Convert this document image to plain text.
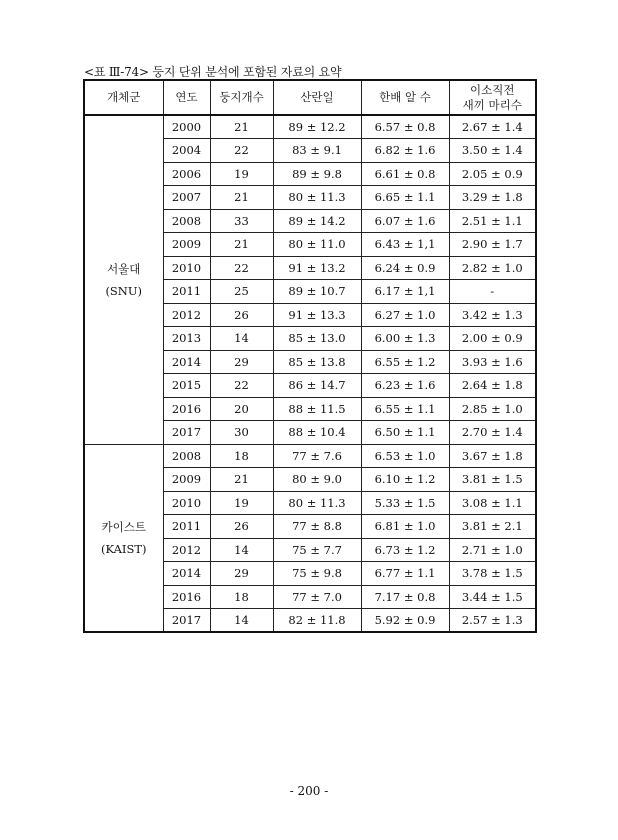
<표 Ⅲ-74> 둥지 단위 분석에 포함된 자료의 요약
개체군	연도	둥지개수	산란일	한배 알 수	이소직전
새끼 마리수

서울대
(SNU)	2000	21	89 ± 12.2	6.57 ± 0.8	2.67 ± 1.4
	2004	22	83 ± 9.1	6.82 ± 1.6	3.50 ± 1.4
	2006	19	89 ± 9.8	6.61 ± 0.8	2.05 ± 0.9
	2007	21	80 ± 11.3	6.65 ± 1.1	3.29 ± 1.8
	2008	33	89 ± 14.2	6.07 ± 1.6	2.51 ± 1.1
	2009	21	80 ± 11.0	6.43 ± 1,1	2.90 ± 1.7
	2010	22	91 ± 13.2	6.24 ± 0.9	2.82 ± 1.0
	2011	25	89 ± 10.7	6.17 ± 1,1	-
	2012	26	91 ± 13.3	6.27 ± 1.0	3.42 ± 1.3
	2013	14	85 ± 13.0	6.00 ± 1.3	2.00 ± 0.9
	2014	29	85 ± 13.8	6.55 ± 1.2	3.93 ± 1.6
	2015	22	86 ± 14.7	6.23 ± 1.6	2.64 ± 1.8
	2016	20	88 ± 11.5	6.55 ± 1.1	2.85 ± 1.0
	2017	30	88 ± 10.4	6.50 ± 1.1	2.70 ± 1.4

카이스트
(KAIST)	2008	18	77 ± 7.6	6.53 ± 1.0	3.67 ± 1.8
	2009	21	80 ± 9.0	6.10 ± 1.2	3.81 ± 1.5
	2010	19	80 ± 11.3	5.33 ± 1.5	3.08 ± 1.1
	2011	26	77 ± 8.8	6.81 ± 1.0	3.81 ± 2.1
	2012	14	75 ± 7.7	6.73 ± 1.2	2.71 ± 1.0
	2014	29	75 ± 9.8	6.77 ± 1.1	3.78 ± 1.5
	2016	18	77 ± 7.0	7.17 ± 0.8	3.44 ± 1.5
	2017	14	82 ± 11.8	5.92 ± 0.9	2.57 ± 1.3
- 200 -
